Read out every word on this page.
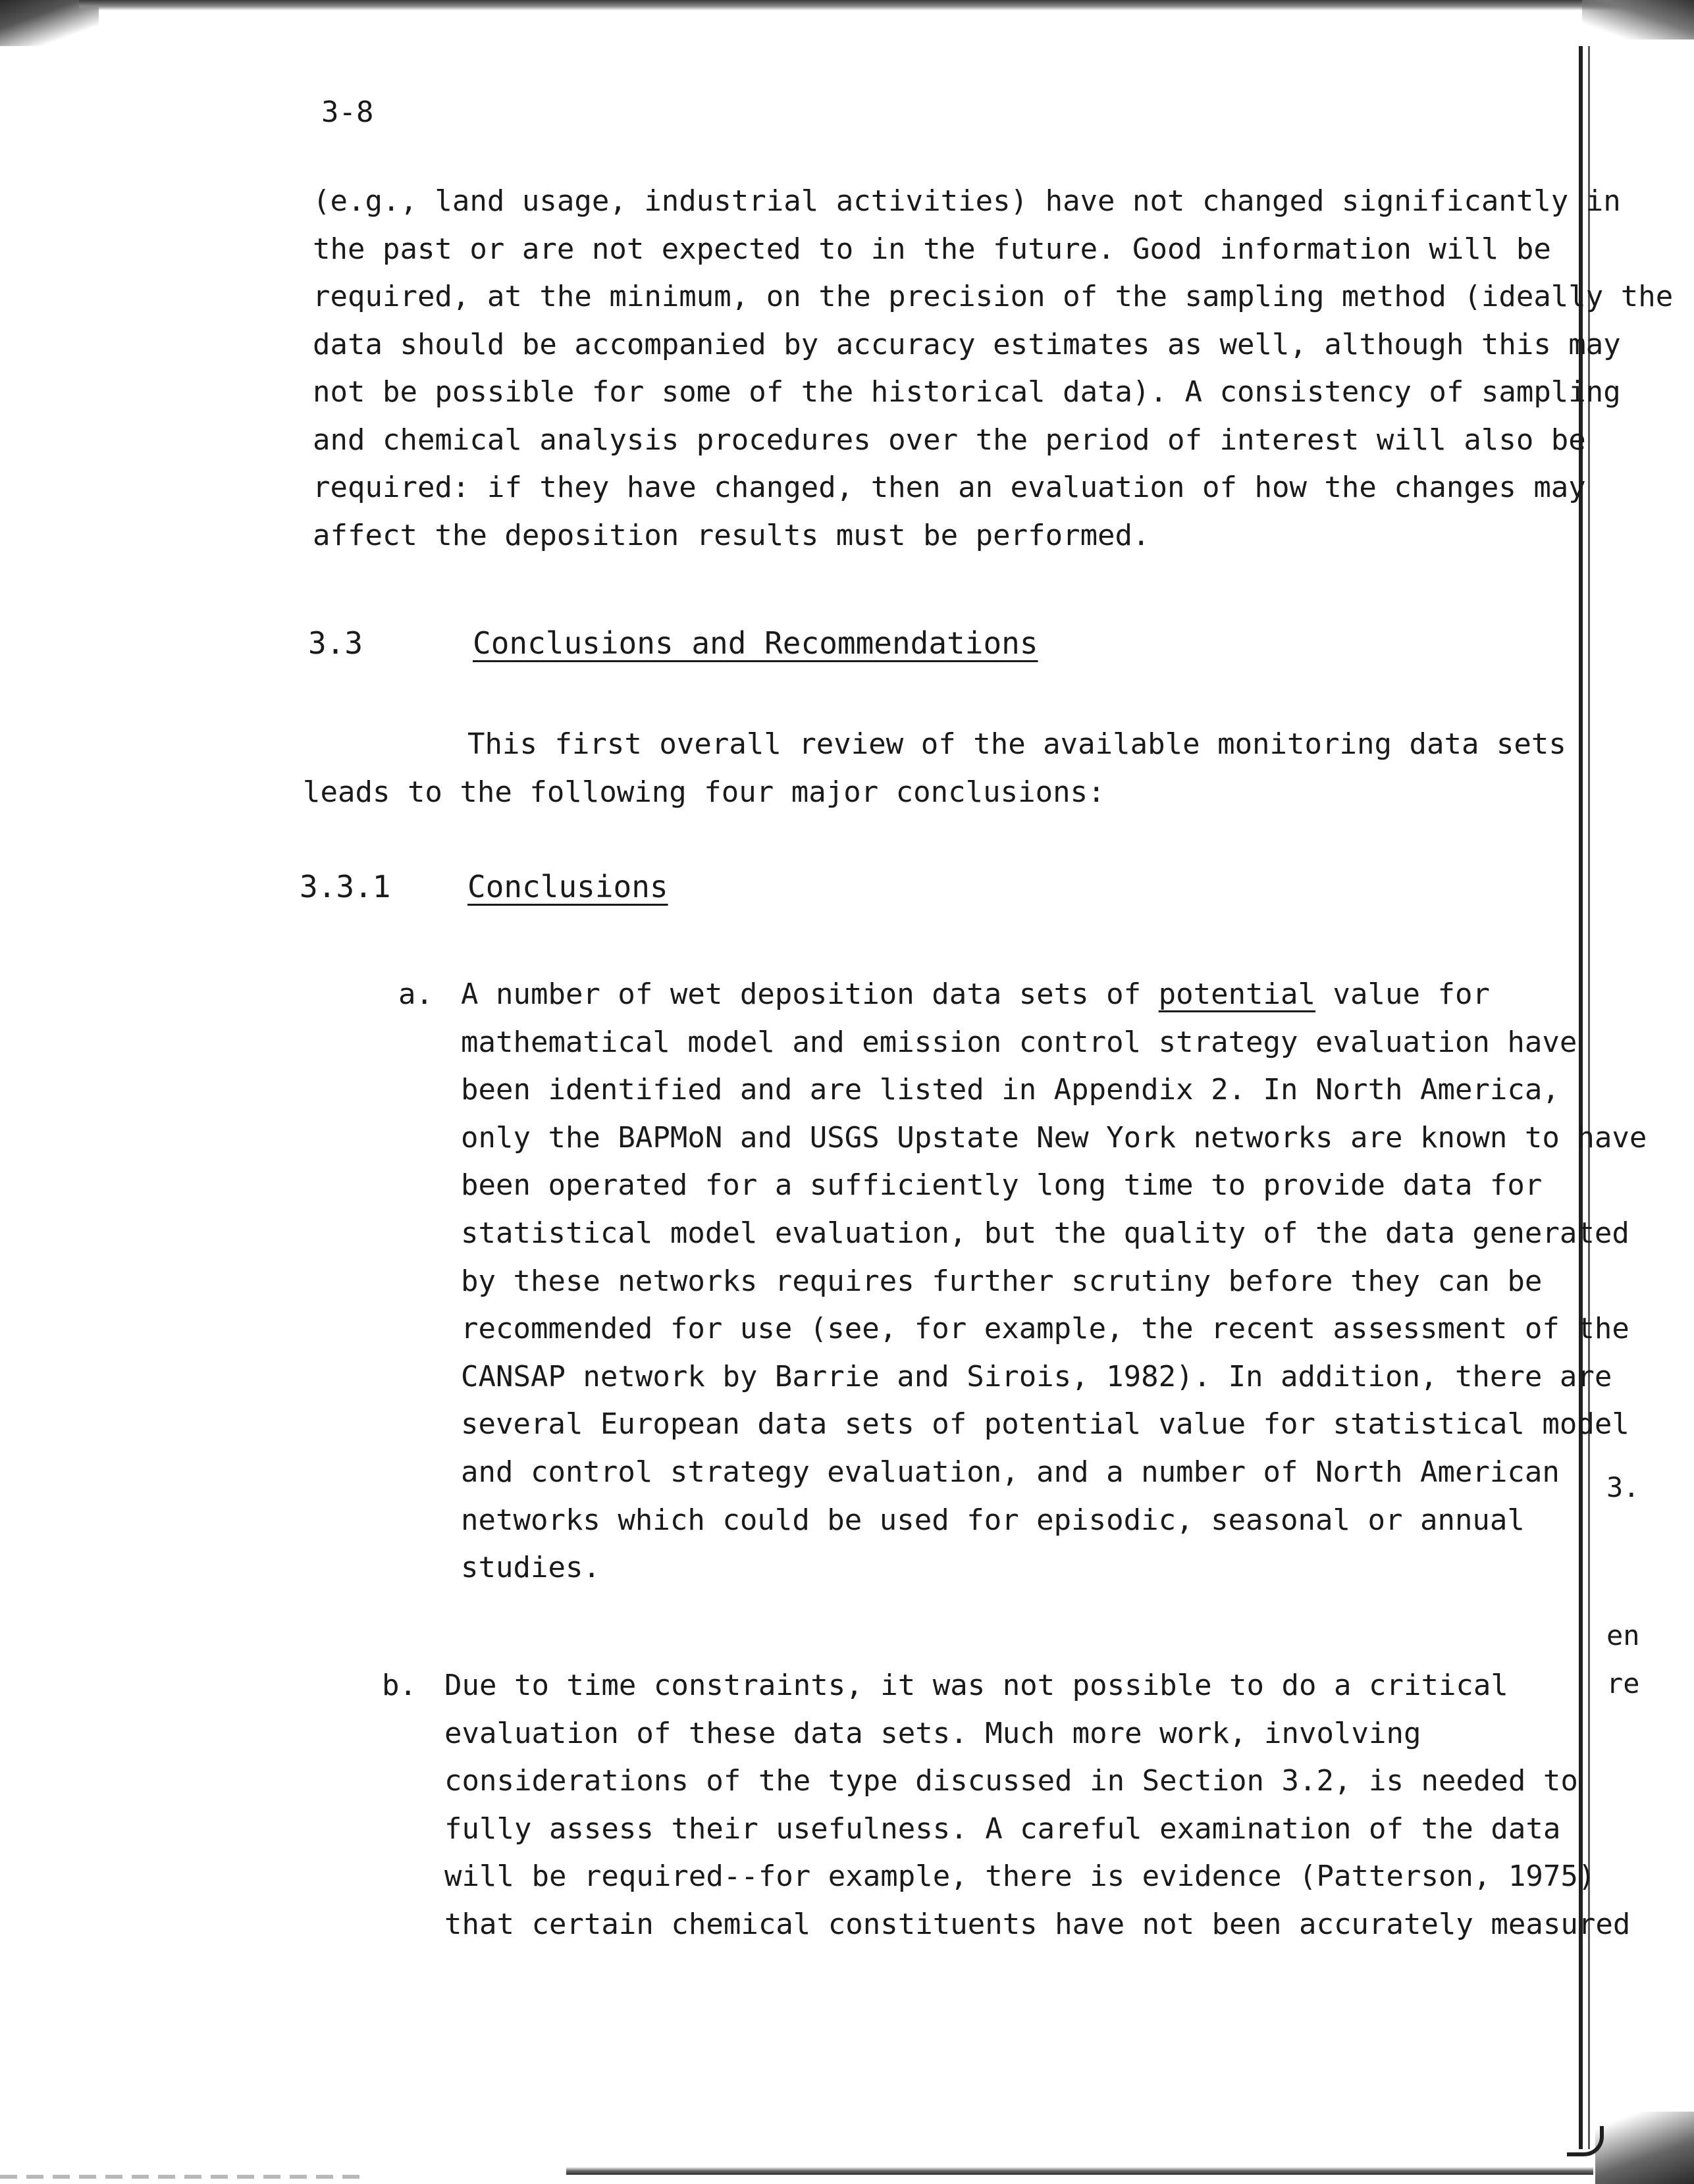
3.
en
re

3-8

(e.g., land usage, industrial activities) have not changed significantly in
the past or are not expected to in the future. Good information will be
required, at the minimum, on the precision of the sampling method (ideally the
data should be accompanied by accuracy estimates as well, although this may
not be possible for some of the historical data). A consistency of sampling
and chemical analysis procedures over the period of interest will also be
required: if they have changed, then an evaluation of how the changes may
affect the deposition results must be performed.
3.3	Conclusions and Recommendations
This first overall review of the available monitoring data sets
leads to the following four major conclusions:
3.3.1	Conclusions
a. A number of wet deposition data sets of potential value for
mathematical model and emission control strategy evaluation have
been identified and are listed in Appendix 2. In North America,
only the BAPMoN and USGS Upstate New York networks are known to have
been operated for a sufficiently long time to provide data for
statistical model evaluation, but the quality of the data generated
by these networks requires further scrutiny before they can be
recommended for use (see, for example, the recent assessment of the
CANSAP network by Barrie and Sirois, 1982). In addition, there are
several European data sets of potential value for statistical model
and control strategy evaluation, and a number of North American
networks which could be used for episodic, seasonal or annual
studies.
b. Due to time constraints, it was not possible to do a critical
evaluation of these data sets. Much more work, involving
considerations of the type discussed in Section 3.2, is needed to
fully assess their usefulness. A careful examination of the data
will be required--for example, there is evidence (Patterson, 1975)
that certain chemical constituents have not been accurately measured
